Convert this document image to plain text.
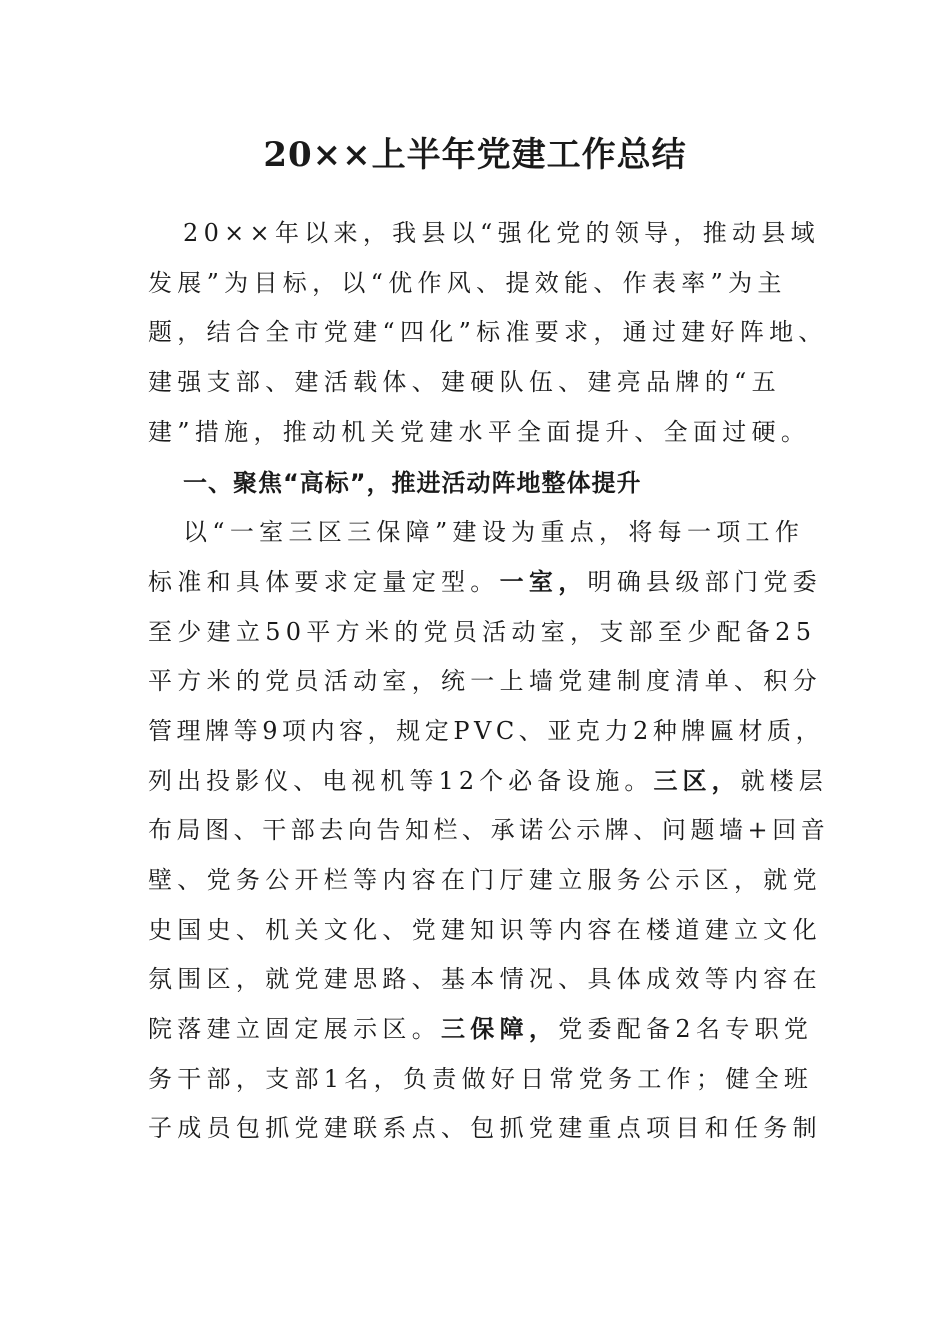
20××上半年党建工作总结
20××年以来，我县以“强化党的领导，推动县域
发展”为目标，以“优作风、提效能、作表率”为主
题，结合全市党建“四化”标准要求，通过建好阵地、
建强支部、建活载体、建硬队伍、建亮品牌的“五
建”措施，推动机关党建水平全面提升、全面过硬。
一、聚焦“高标”，推进活动阵地整体提升
以“一室三区三保障”建设为重点，将每一项工作
标准和具体要求定量定型。一室，明确县级部门党委
至少建立50平方米的党员活动室，支部至少配备25
平方米的党员活动室，统一上墙党建制度清单、积分
管理牌等9项内容，规定PVC、亚克力2种牌匾材质，
列出投影仪、电视机等12个必备设施。三区，就楼层
布局图、干部去向告知栏、承诺公示牌、问题墙+回音
壁、党务公开栏等内容在门厅建立服务公示区，就党
史国史、机关文化、党建知识等内容在楼道建立文化
氛围区，就党建思路、基本情况、具体成效等内容在
院落建立固定展示区。三保障，党委配备2名专职党
务干部，支部1名，负责做好日常党务工作；健全班
子成员包抓党建联系点、包抓党建重点项目和任务制
